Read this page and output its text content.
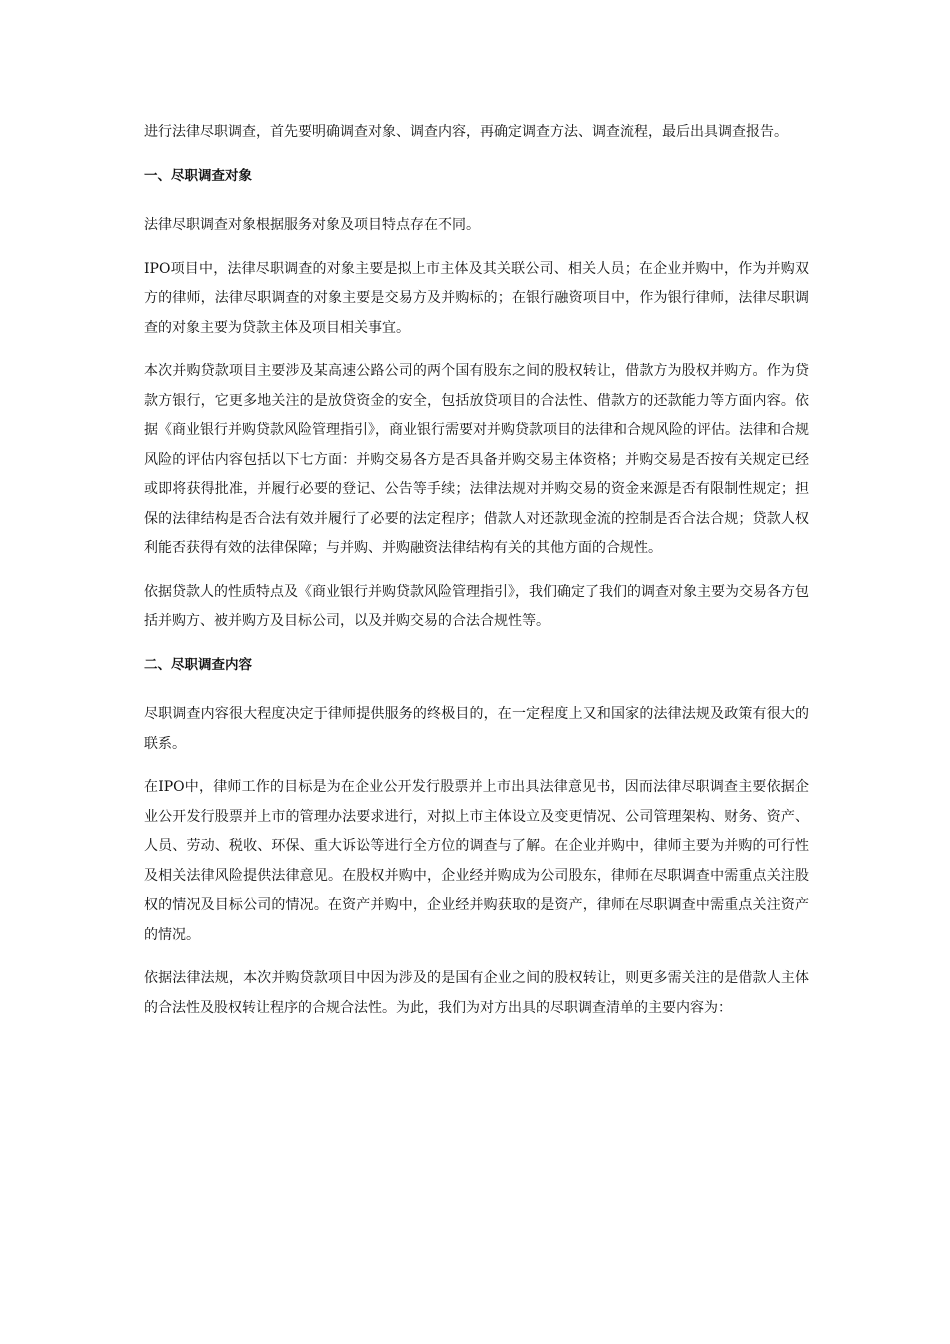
进行法律尽职调查，首先要明确调查对象、调查内容，再确定调查方法、调查流程，最后出具调查报告。

一、尽职调查对象

法律尽职调查对象根据服务对象及项目特点存在不同。

IPO项目中，法律尽职调查的对象主要是拟上市主体及其关联公司、相关人员；在企业并购中，作为并购双方的律师，法律尽职调查的对象主要是交易方及并购标的；在银行融资项目中，作为银行律师，法律尽职调查的对象主要为贷款主体及项目相关事宜。

本次并购贷款项目主要涉及某高速公路公司的两个国有股东之间的股权转让，借款方为股权并购方。作为贷款方银行，它更多地关注的是放贷资金的安全，包括放贷项目的合法性、借款方的还款能力等方面内容。依据《商业银行并购贷款风险管理指引》，商业银行需要对并购贷款项目的法律和合规风险的评估。法律和合规风险的评估内容包括以下七方面：并购交易各方是否具备并购交易主体资格；并购交易是否按有关规定已经或即将获得批准，并履行必要的登记、公告等手续；法律法规对并购交易的资金来源是否有限制性规定；担保的法律结构是否合法有效并履行了必要的法定程序；借款人对还款现金流的控制是否合法合规；贷款人权利能否获得有效的法律保障；与并购、并购融资法律结构有关的其他方面的合规性。

依据贷款人的性质特点及《商业银行并购贷款风险管理指引》，我们确定了我们的调查对象主要为交易各方包括并购方、被并购方及目标公司，以及并购交易的合法合规性等。

二、尽职调查内容

尽职调查内容很大程度决定于律师提供服务的终极目的，在一定程度上又和国家的法律法规及政策有很大的联系。

在IPO中，律师工作的目标是为在企业公开发行股票并上市出具法律意见书，因而法律尽职调查主要依据企业公开发行股票并上市的管理办法要求进行，对拟上市主体设立及变更情况、公司管理架构、财务、资产、人员、劳动、税收、环保、重大诉讼等进行全方位的调查与了解。在企业并购中，律师主要为并购的可行性及相关法律风险提供法律意见。在股权并购中，企业经并购成为公司股东，律师在尽职调查中需重点关注股权的情况及目标公司的情况。在资产并购中，企业经并购获取的是资产，律师在尽职调查中需重点关注资产的情况。

依据法律法规，本次并购贷款项目中因为涉及的是国有企业之间的股权转让，则更多需关注的是借款人主体的合法性及股权转让程序的合规合法性。为此，我们为对方出具的尽职调查清单的主要内容为：
